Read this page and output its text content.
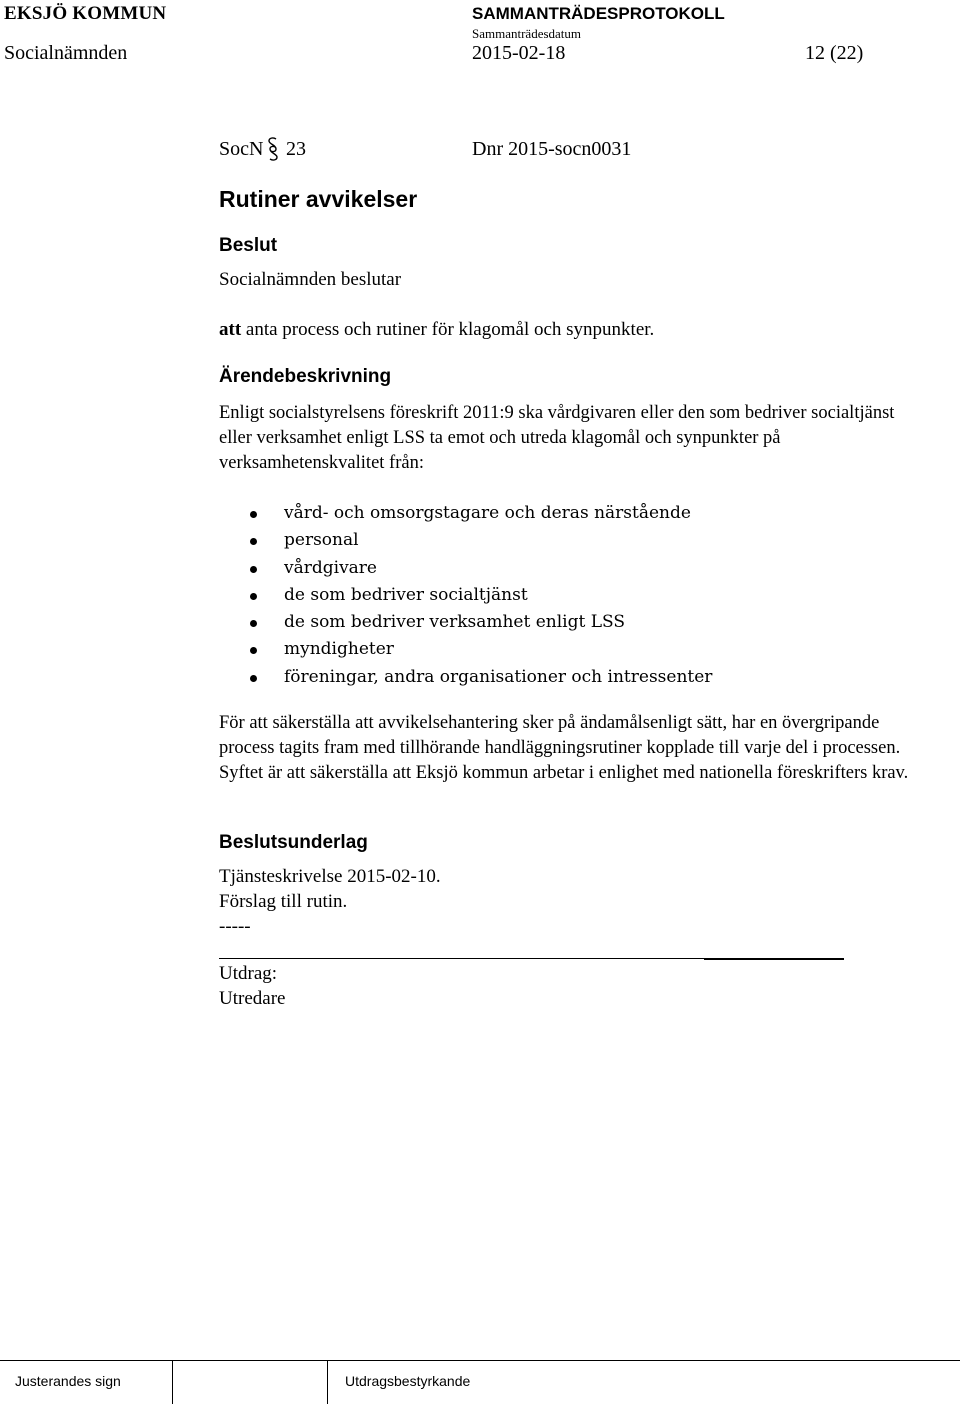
EKSJÖ KOMMUN	SAMMANTRÄDESPROTOKOLL
Sammanträdesdatum
Socialnämnden	2015-02-18	12 (22)
SocN 23	Dnr 2015-socn0031
Rutiner avvikelser
Beslut
Socialnämnden beslutar
att anta process och rutiner för klagomål och synpunkter.
Ärendebeskrivning
Enligt socialstyrelsens föreskrift 2011:9 ska vårdgivaren eller den som bedriver socialtjänst eller verksamhet enligt LSS ta emot och utreda klagomål och synpunkter på verksamhetenskvalitet från:
vård- och omsorgstagare och deras närstående
personal
vårdgivare
de som bedriver socialtjänst
de som bedriver verksamhet enligt LSS
myndigheter
föreningar, andra organisationer och intressenter
För att säkerställa att avvikelsehantering sker på ändamålsenligt sätt, har en övergripande process tagits fram med tillhörande handläggningsrutiner kopplade till varje del i processen. Syftet är att säkerställa att Eksjö kommun arbetar i enlighet med nationella föreskrifters krav.
Beslutsunderlag
Tjänsteskrivelse 2015-02-10.
Förslag till rutin.
-----
Utdrag:
Utredare
Justerandes sign	Utdragsbestyrkande
